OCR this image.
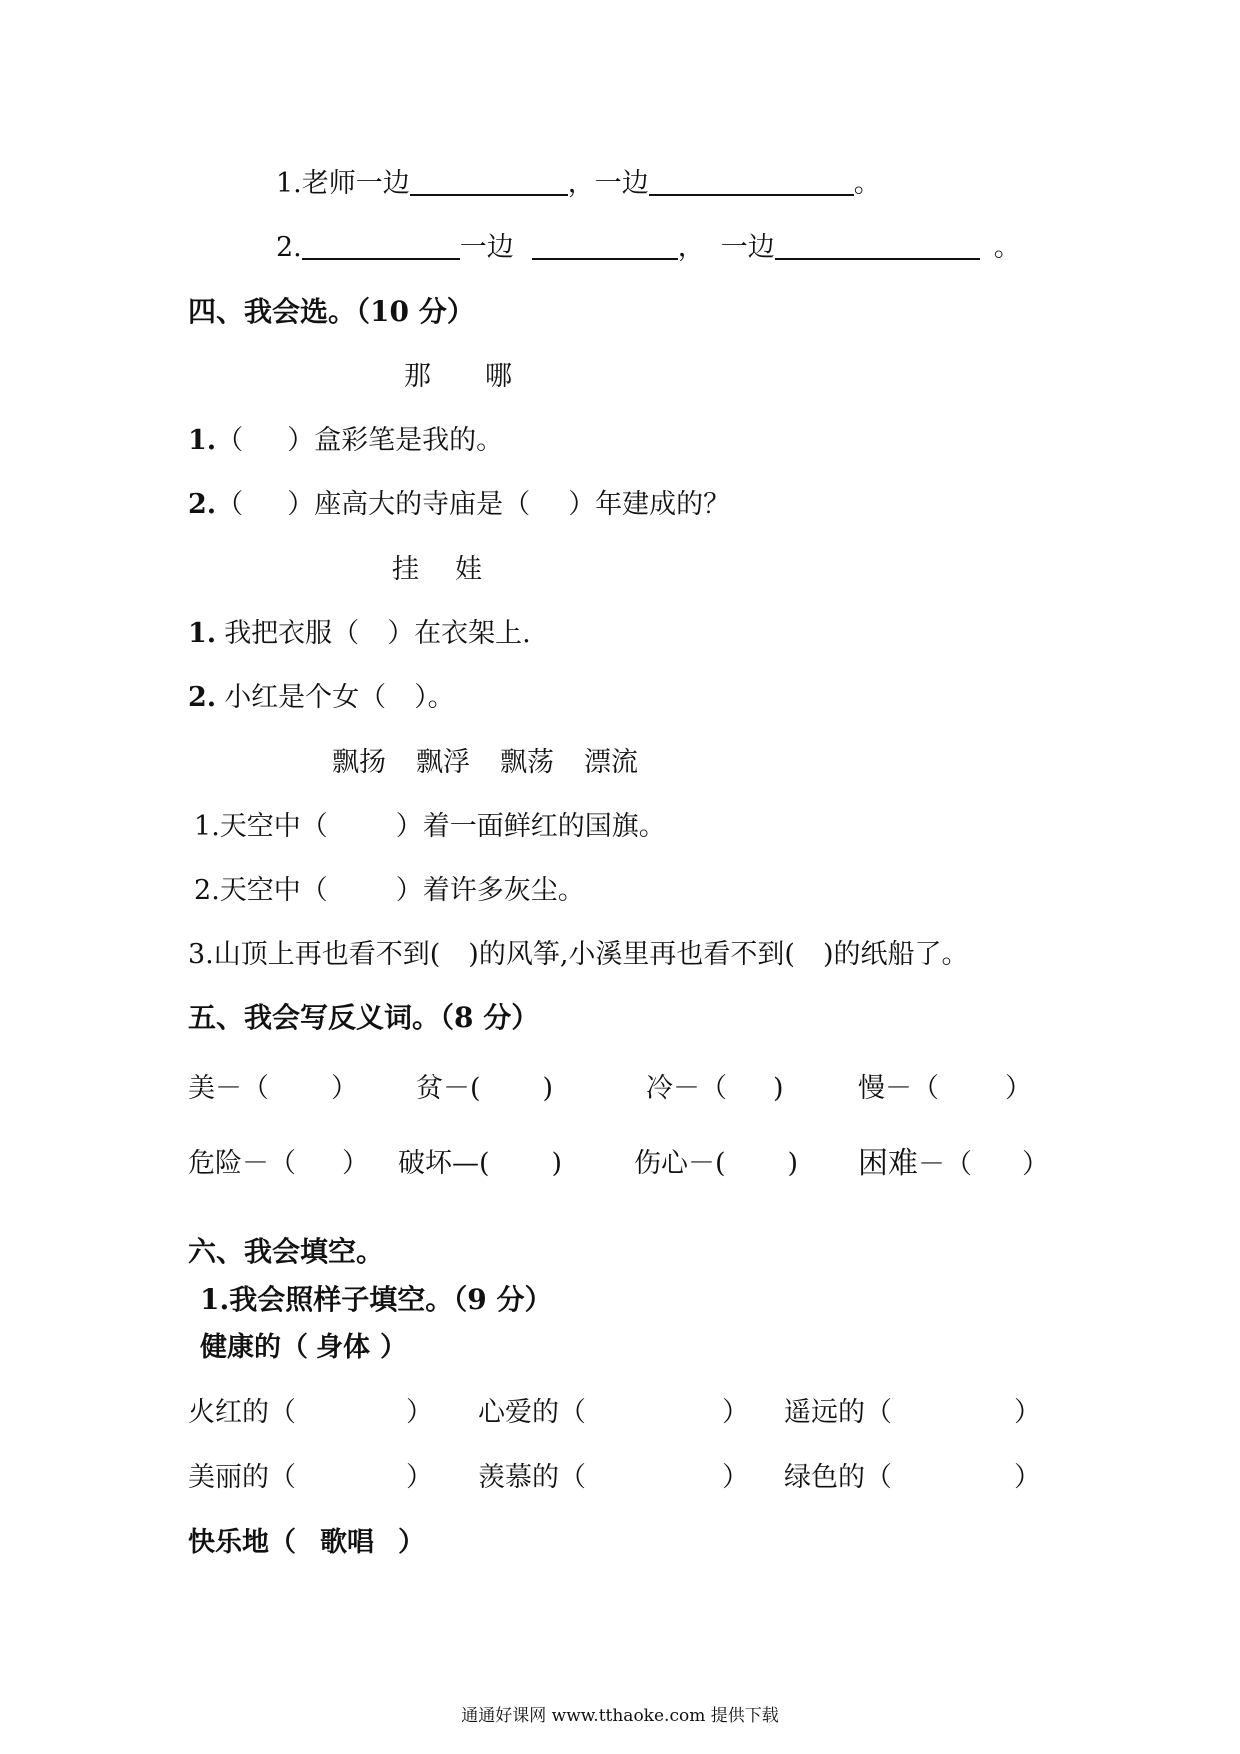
1.老师一边	，一边	。
2.	一边	， 一边	。
四、我会选。（10 分）
那 哪
1.（ ）盒彩笔是我的。
2.（ ）座高大的寺庙是（ ）年建成的？
挂 娃
1. 我把衣服（ ）在衣架上.
2. 小红是个女（ ）。
飘扬 飘浮 飘荡 漂流
1.天空中（	）着一面鲜红的国旗。
2.天空中（	）着许多灰尘。
3.山顶上再也看不到( )的风筝,小溪里再也看不到( )的纸船了。
五、我会写反义词。（8 分）
美－（ ） 贫－( )	冷－（ )	慢－（ ）
危险－（ ） 破坏—( )	伤心－( ) 困难－（ ）
六、我会填空。
1.我会照样子填空。（9 分）
健康的（ 身体 ）
火红的（	） 心爱的（	） 遥远的（	）
美丽的（	） 羡慕的（	） 绿色的（	）
快乐地（ 歌唱 ）
通通好课网 www.tthaoke.com 提供下载
